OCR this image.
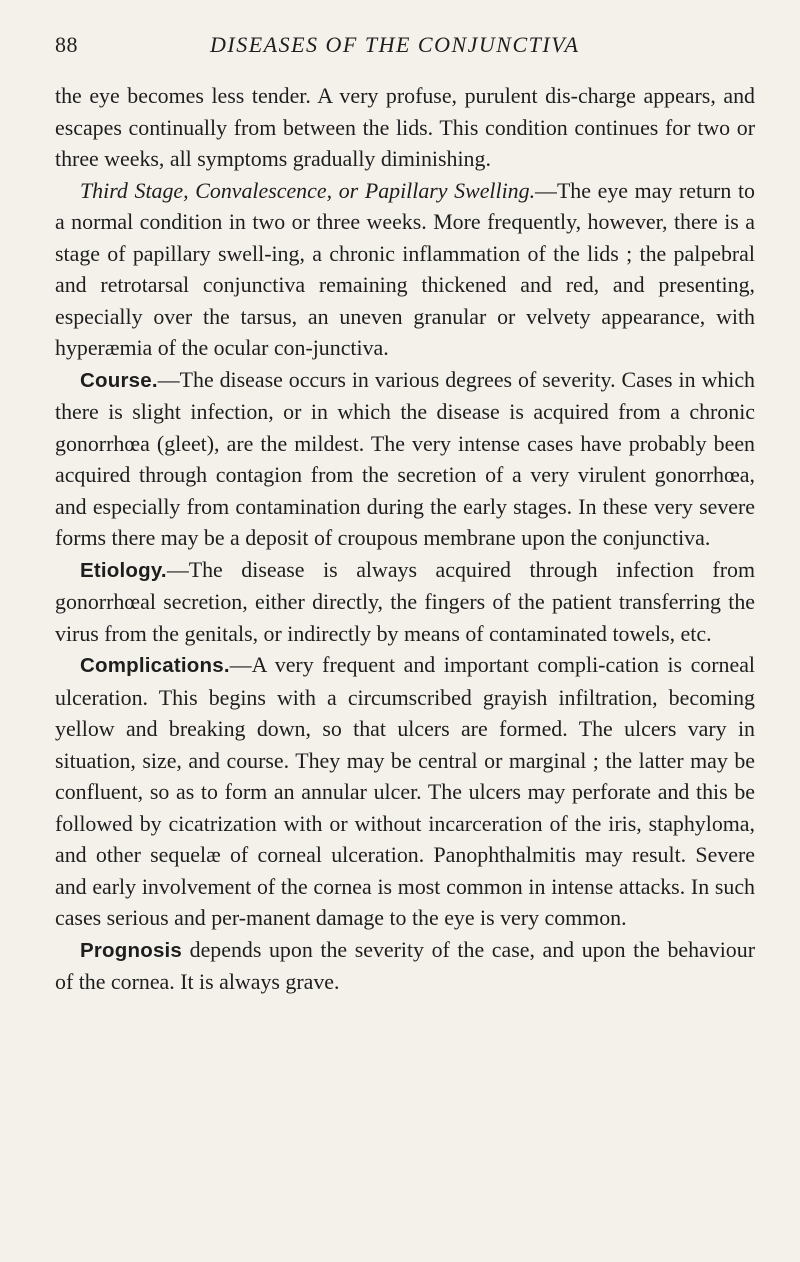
88	DISEASES OF THE CONJUNCTIVA

the eye becomes less tender. A very profuse, purulent dis-charge appears, and escapes continually from between the lids. This condition continues for two or three weeks, all symptoms gradually diminishing.

Third Stage, Convalescence, or Papillary Swelling.—The eye may return to a normal condition in two or three weeks. More frequently, however, there is a stage of papillary swell-ing, a chronic inflammation of the lids ; the palpebral and retrotarsal conjunctiva remaining thickened and red, and presenting, especially over the tarsus, an uneven granular or velvety appearance, with hyperæmia of the ocular con-junctiva.

Course.—The disease occurs in various degrees of severity. Cases in which there is slight infection, or in which the disease is acquired from a chronic gonorrhœa (gleet), are the mildest. The very intense cases have probably been acquired through contagion from the secretion of a very virulent gonorrhœa, and especially from contamination during the early stages. In these very severe forms there may be a deposit of croupous membrane upon the conjunctiva.

Etiology.—The disease is always acquired through infection from gonorrhœal secretion, either directly, the fingers of the patient transferring the virus from the genitals, or indirectly by means of contaminated towels, etc.

Complications.—A very frequent and important compli-cation is corneal ulceration. This begins with a circumscribed grayish infiltration, becoming yellow and breaking down, so that ulcers are formed. The ulcers vary in situation, size, and course. They may be central or marginal ; the latter may be confluent, so as to form an annular ulcer. The ulcers may perforate and this be followed by cicatrization with or without incarceration of the iris, staphyloma, and other sequelæ of corneal ulceration. Panophthalmitis may result. Severe and early involvement of the cornea is most common in intense attacks. In such cases serious and per-manent damage to the eye is very common.

Prognosis depends upon the severity of the case, and upon the behaviour of the cornea. It is always grave.
